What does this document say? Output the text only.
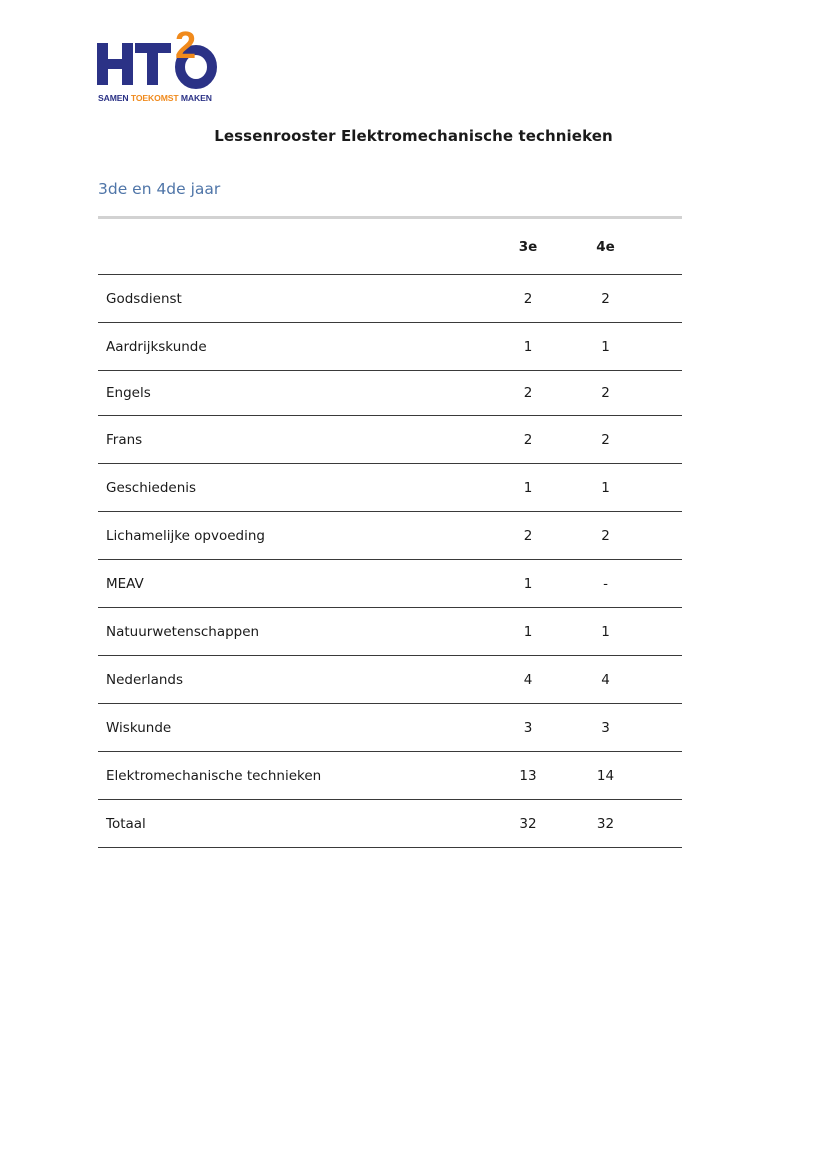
2
SAMEN TOEKOMST MAKEN
Lessenrooster Elektromechanische technieken
3de en 4de jaar
	3e	4e	
Godsdienst	2	2	
Aardrijkskunde	1	1	
Engels	2	2	
Frans	2	2	
Geschiedenis	1	1	
Lichamelijke opvoeding	2	2	
MEAV	1	-	
Natuurwetenschappen	1	1	
Nederlands	4	4	
Wiskunde	3	3	
Elektromechanische technieken	13	14	
Totaal	32	32	
